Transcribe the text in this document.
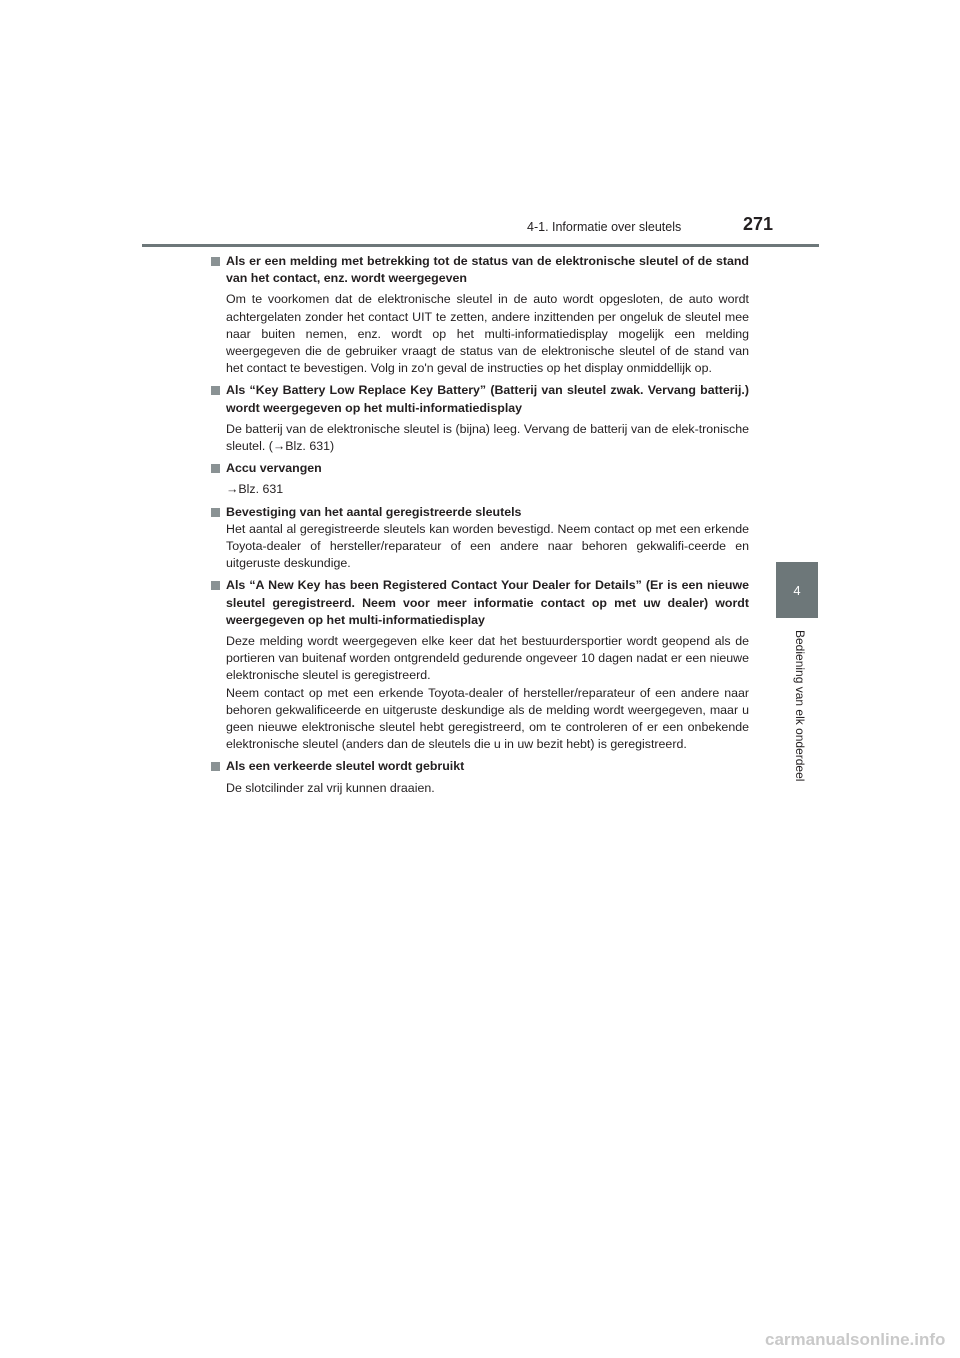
4-1. Informatie over sleutels	271
4
Bediening van elk onderdeel
Als er een melding met betrekking tot de status van de elektronische sleutel of de stand van het contact, enz. wordt weergegeven

Om te voorkomen dat de elektronische sleutel in de auto wordt opgesloten, de auto wordt achtergelaten zonder het contact UIT te zetten, andere inzittenden per ongeluk de sleutel mee naar buiten nemen, enz. wordt op het multi-informatiedisplay mogelijk een melding weergegeven die de gebruiker vraagt de status van de elektronische sleutel of de stand van het contact te bevestigen. Volg in zo'n geval de instructies op het display onmiddellijk op.

Als “Key Battery Low Replace Key Battery” (Batterij van sleutel zwak. Vervang batterij.) wordt weergegeven op het multi-informatiedisplay

De batterij van de elektronische sleutel is (bijna) leeg. Vervang de batterij van de elek-tronische sleutel. (→Blz. 631)

Accu vervangen

→Blz. 631

Bevestiging van het aantal geregistreerde sleutels

Het aantal al geregistreerde sleutels kan worden bevestigd. Neem contact op met een erkende Toyota-dealer of hersteller/reparateur of een andere naar behoren gekwalifi-ceerde en uitgeruste deskundige.

Als “A New Key has been Registered Contact Your Dealer for Details” (Er is een nieuwe sleutel geregistreerd. Neem voor meer informatie contact op met uw dealer) wordt weergegeven op het multi-informatiedisplay

Deze melding wordt weergegeven elke keer dat het bestuurdersportier wordt geopend als de portieren van buitenaf worden ontgrendeld gedurende ongeveer 10 dagen nadat er een nieuwe elektronische sleutel is geregistreerd.

Neem contact op met een erkende Toyota-dealer of hersteller/reparateur of een andere naar behoren gekwalificeerde en uitgeruste deskundige als de melding wordt weergegeven, maar u geen nieuwe elektronische sleutel hebt geregistreerd, om te controleren of er een onbekende elektronische sleutel (anders dan de sleutels die u in uw bezit hebt) is geregistreerd.

Als een verkeerde sleutel wordt gebruikt

De slotcilinder zal vrij kunnen draaien.

carmanualsonline.info
